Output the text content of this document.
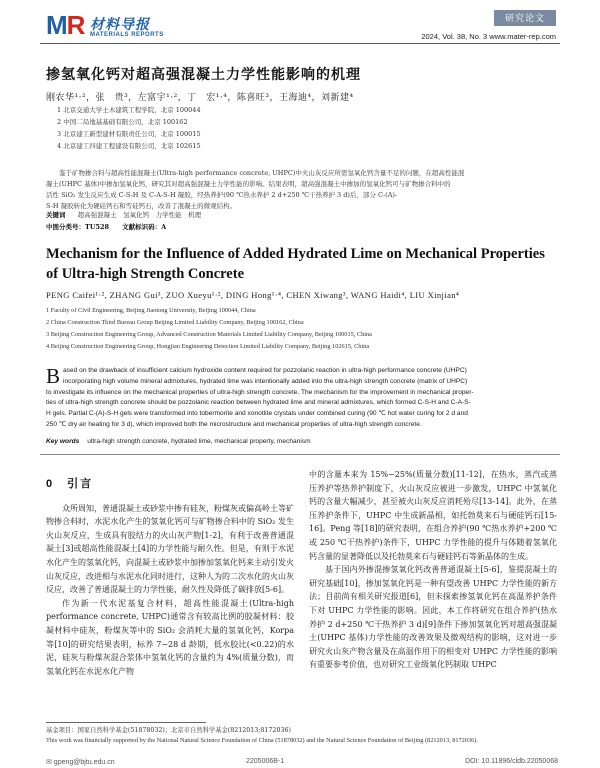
MR 材料导报
MATERIALS REPORTS
研究论文
2024, Vol. 38, No. 3 www.mater-rep.com
掺氢氧化钙对超高强混凝土力学性能影响的机理
刚农华¹·²，张　贵³，左富宇¹·²，丁　宏¹·⁴，陈喜旺³，王海迪⁴，刘新建⁴
1 北京交通大学土木建筑工程学院，北京 100044
2 中国二局地基基础有限公司，北京 100162
3 北京建工新型建材有限责任公司，北京 100015
4 北京建工四建工程建设有限公司，北京 102615
　　鉴于矿物掺合料与超高性能混凝土(Ultra-high performance concrete, UHPC)中火山灰反应所需氢氧化钙含量不足的问题，在超高性能混
凝土(UHPC 基体)中掺加氢氧化钙，研究其对超高强混凝土力学性能的影响。结果表明，超高强混凝土中掺加的氢氧化钙可与矿物掺合料中的
活性 SiO₂ 发生反应生成 C-S-H 及 C-A-S-H 凝胶，经热养护(90 ℃热水养护 2 d+250 ℃干热养护 3 d)后，部分 C-(A)-
S-H 凝胶转化为硬硅钙石和雪硅钙石，改善了混凝土的微观结构。
关键词 超高强混凝土　氢氧化钙　力学性能　机理
中图分类号：TU528　　文献标识码：A
Mechanism for the Influence of Added Hydrated Lime on Mechanical Properties of Ultra-high Strength Concrete
PENG Caifei¹·², ZHANG Gui³, ZUO Xueyu¹·², DING Hong¹·⁴, CHEN Xiwang³, WANG Haidi⁴, LIU Xinjian⁴
1 Faculty of Civil Engineering, Beijing Jiaotong University, Beijing 100044, China
2 China Construction Third Bureau Group Beijing Limited Liability Company, Beijing 100162, China
3 Beijing Construction Engineering Group, Advanced Construction Materials Limited Liability Company, Beijing 100015, China
4 Beijing Construction Engineering Group, Hongjian Engineering Detection Limited Liability Company, Beijing 102615, China
B ased on the drawback of insufficient calcium hydroxide content required for pozzolanic reaction in ultra-high performance concrete (UHPC)
incorporating high volume mineral admixtures, hydrated lime was intentionally added into the ultra-high strength concrete (matrix of UHPC)
to investigate its influence on the mechanical properties of ultra-high strength concrete. The mechanism for the improvement in mechanical proper-
ties of ultra-high strength concrete should be pozzolanic reaction between hydrated lime and mineral admixtures, which formed C-S-H and C-A-S-
H gels. Partial C-(A)-S-H gels were transformed into tobermorite and xonotlite crystals under combined curing (90 ℃ hot water curing for 2 d and
250 ℃ dry air heating for 3 d), which improved both the microstructure and mechanical properties of ultra-high strength concrete.
Key words ultra-high strength concrete, hydrated lime, mechanical property, mechanism
0　引言

众所周知，普通混凝土或砂浆中掺有硅灰，粉煤灰或偏高岭土等矿物掺合料时，水泥水化产生的氢氧化钙可与矿物掺合料中的 SiO₂ 发生火山灰反应，生成具有胶结力的火山灰产物[1-2]，有利于改善普通混凝土[3]或超高性能混凝土[4]的力学性能与耐久性。但是，有则于水泥水化产生的氢氧化钙，向混凝土或砂浆中加掺加氢氧化钙来主动引发火山灰反应，改进相与水泥水化同时进行，这种人为的二次水化的火山灰反应，改善了普通混凝土的力学性能，耐久性及降低了碳排放[5-6]。

作为新一代水泥基复合材料，超高性能混凝土(Ultra-high performance concrete, UHPC)通常含有较高比例的胶凝材料：胶凝材料中硅灰，粉煤灰等中的 SiO₂ 会消耗大量的氢氧化钙，Korpa 等[10]的研究结果表明，标养 7~28 d 龄期，低水胶比(<0.22)的水泥，硅灰与粉煤灰混合浆体中氢氧化钙的含量约为 4%(质量分数)，而氢氧化钙在水泥水化产物

中的含量本来为 15%~25%(质量分数)[11-12]，在热水，蒸汽或蒸压养护等热养护制度下，火山灰反应被进一步激发，UHPC 中氢氧化钙的含量大幅减少，甚至被火山灰反应消耗殆尽[13-14]。此外，在蒸压养护条件下，UHPC 中生成新晶相，如托勃莫来石与硬硅钙石[15-16]。Peng 等[18]的研究表明，在组合养护(90 ℃热水养护+200 ℃或 250 ℃干热养护)条件下，UHPC 力学性能的提升与体随着氢氧化钙含量的显著降低以及托勃莫来石与硬硅钙石等新晶体的生成。

基于国内外掺混掺氢氧化钙改善普通混凝土[5-6]，鉴提混凝土的研究基础[10]，掺加氢氧化钙是一种有望改善 UHPC 力学性能的新方法；目前尚有相关研究报道[6]，但未探索掺氢氧化钙在高温养护条件下对 UHPC 力学性能的影响。因此，本工作将研究在组合养护(热水养护 2 d+250 ℃干热养护 3 d)[9]条件下掺加氢氧化钙对超高强混凝土(UHPC 基体)力学性能的改善效果及微观结构的影响，这对进一步研究火山灰产物含量及在高温作用下的相变对 UHPC 力学性能的影响有重要参考价值，也对研究工业级氧化钙制取 UHPC

基金项目：国家自然科学基金(51878032)；北京市自然科学基金(8212013;8172036)
This work was financially supported by the National Natural Science Foundation of China (51878032) and the Natural Science Foundation of Beijing (8212013, 8172036).
✉ gpeng@bjtu.edu.cn	2205006B-1	DOI: 10.11896/cldb.22050068
